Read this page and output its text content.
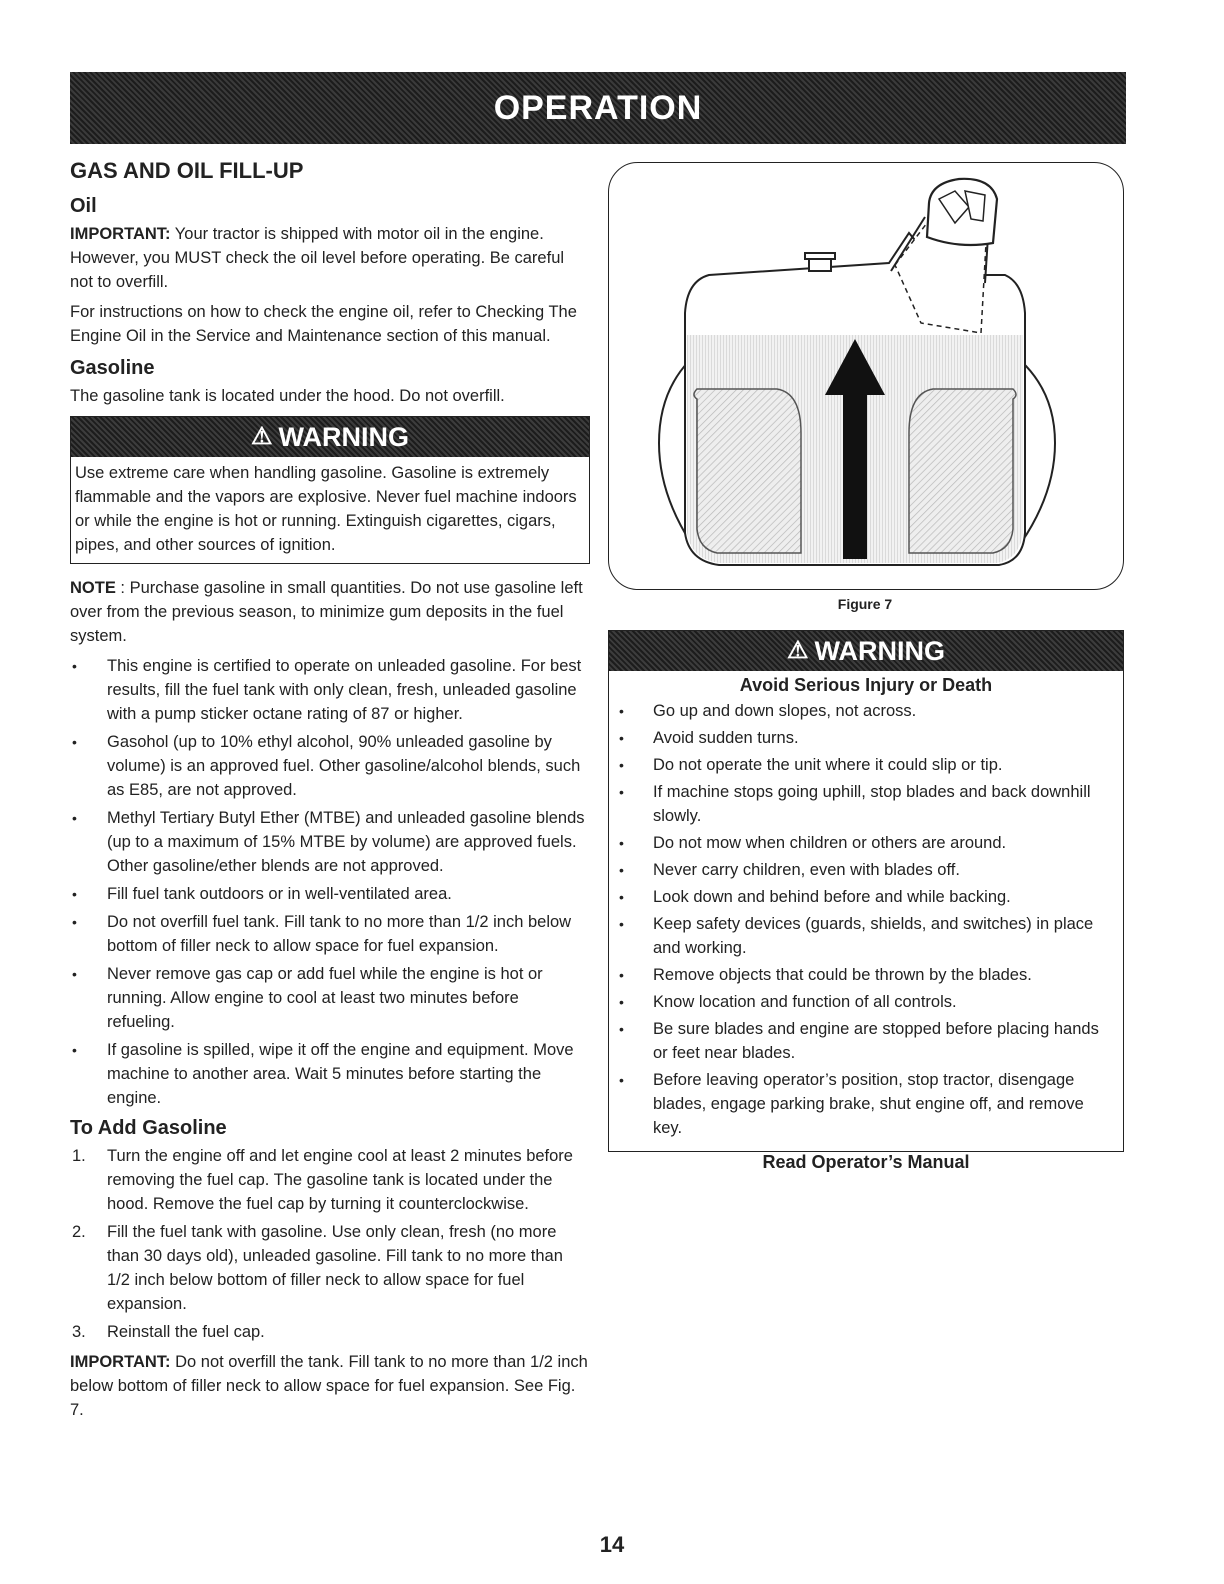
OPERATION
GAS AND OIL FILL-UP
Oil

IMPORTANT: Your tractor is shipped with motor oil in the engine. However, you MUST check the oil level before operating. Be careful not to overfill.

For instructions on how to check the engine oil, refer to Checking The Engine Oil in the Service and Maintenance section of this manual.

Gasoline

The gasoline tank is located under the hood. Do not overfill.

⚠ WARNING
Use extreme care when handling gasoline. Gasoline is extremely flammable and the vapors are explosive. Never fuel machine indoors or while the engine is hot or running. Extinguish cigarettes, cigars, pipes, and other sources of ignition.

NOTE : Purchase gasoline in small quantities. Do not use gasoline left over from the previous season, to minimize gum deposits in the fuel system.

• This engine is certified to operate on unleaded gasoline. For best results, fill the fuel tank with only clean, fresh, unleaded gasoline with a pump sticker octane rating of 87 or higher.
• Gasohol (up to 10% ethyl alcohol, 90% unleaded gasoline by volume) is an approved fuel. Other gasoline/alcohol blends, such as E85, are not approved.
• Methyl Tertiary Butyl Ether (MTBE) and unleaded gasoline blends (up to a maximum of 15% MTBE by volume) are approved fuels. Other gasoline/ether blends are not approved.
• Fill fuel tank outdoors or in well-ventilated area.
• Do not overfill fuel tank. Fill tank to no more than 1/2 inch below bottom of filler neck to allow space for fuel expansion.
• Never remove gas cap or add fuel while the engine is hot or running. Allow engine to cool at least two minutes before refueling.
• If gasoline is spilled, wipe it off the engine and equipment. Move machine to another area. Wait 5 minutes before starting the engine.
To Add Gasoline
1. Turn the engine off and let engine cool at least 2 minutes before removing the fuel cap. The gasoline tank is located under the hood. Remove the fuel cap by turning it counterclockwise.
2. Fill the fuel tank with gasoline. Use only clean, fresh (no more than 30 days old), unleaded gasoline. Fill tank to no more than 1/2 inch below bottom of filler neck to allow space for fuel expansion.
3. Reinstall the fuel cap.

IMPORTANT: Do not overfill the tank. Fill tank to no more than 1/2 inch below bottom of filler neck to allow space for fuel expansion. See Fig. 7.

Figure 7
⚠ WARNING
Avoid Serious Injury or Death
• Go up and down slopes, not across.
• Avoid sudden turns.
• Do not operate the unit where it could slip or tip.
• If machine stops going uphill, stop blades and back downhill slowly.
• Do not mow when children or others are around.
• Never carry children, even with blades off.
• Look down and behind before and while backing.
• Keep safety devices (guards, shields, and switches) in place and working.
• Remove objects that could be thrown by the blades.
• Know location and function of all controls.
• Be sure blades and engine are stopped before placing hands or feet near blades.
• Before leaving operator’s position, stop tractor, disengage blades, engage parking brake, shut engine off, and remove key.
Read Operator’s Manual
14
